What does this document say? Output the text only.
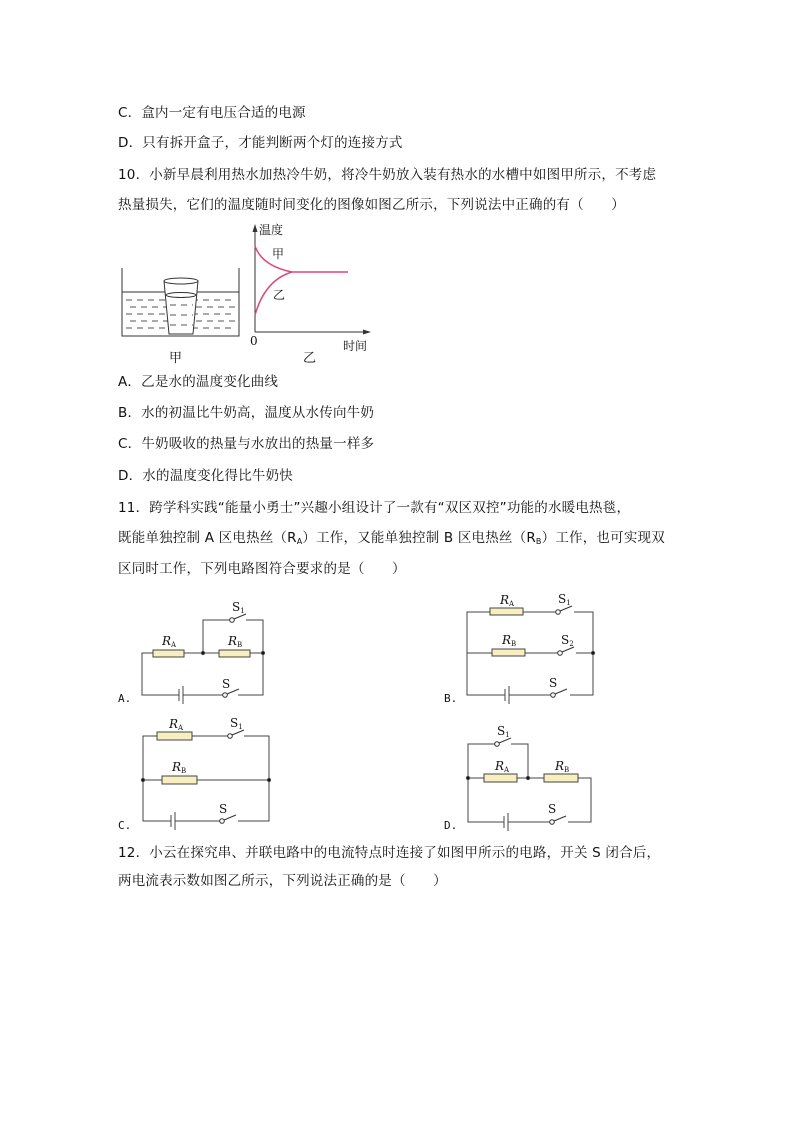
C．盒内一定有电压合适的电源
D．只有拆开盒子，才能判断两个灯的连接方式
10．小新早晨利用热水加热冷牛奶，将冷牛奶放入装有热水的水槽中如图甲所示，不考虑
热量损失，它们的温度随时间变化的图像如图乙所示，下列说法中正确的有（　　）
甲
温度
甲
乙
0	时间
乙
RA	RB
S1
S
RA
RB
S1
S2
S
RA
RB
S1
S
S1
RA	RB
S
A.	B.
C.	D.
A．乙是水的温度变化曲线
B．水的初温比牛奶高，温度从水传向牛奶
C．牛奶吸收的热量与水放出的热量一样多
D．水的温度变化得比牛奶快
11．跨学科实践“能量小勇士”兴趣小组设计了一款有“双区双控”功能的水暖电热毯，
既能单独控制 A 区电热丝$(R_A)$工作，又能单独控制 B 区电热丝$(R_B)$工作，也可实现双
区同时工作，下列电路图符合要求的是（　　）
12．小云在探究串、并联电路中的电流特点时连接了如图甲所示的电路，开关 S 闭合后，
两电流表示数如图乙所示，下列说法正确的是（　　）
